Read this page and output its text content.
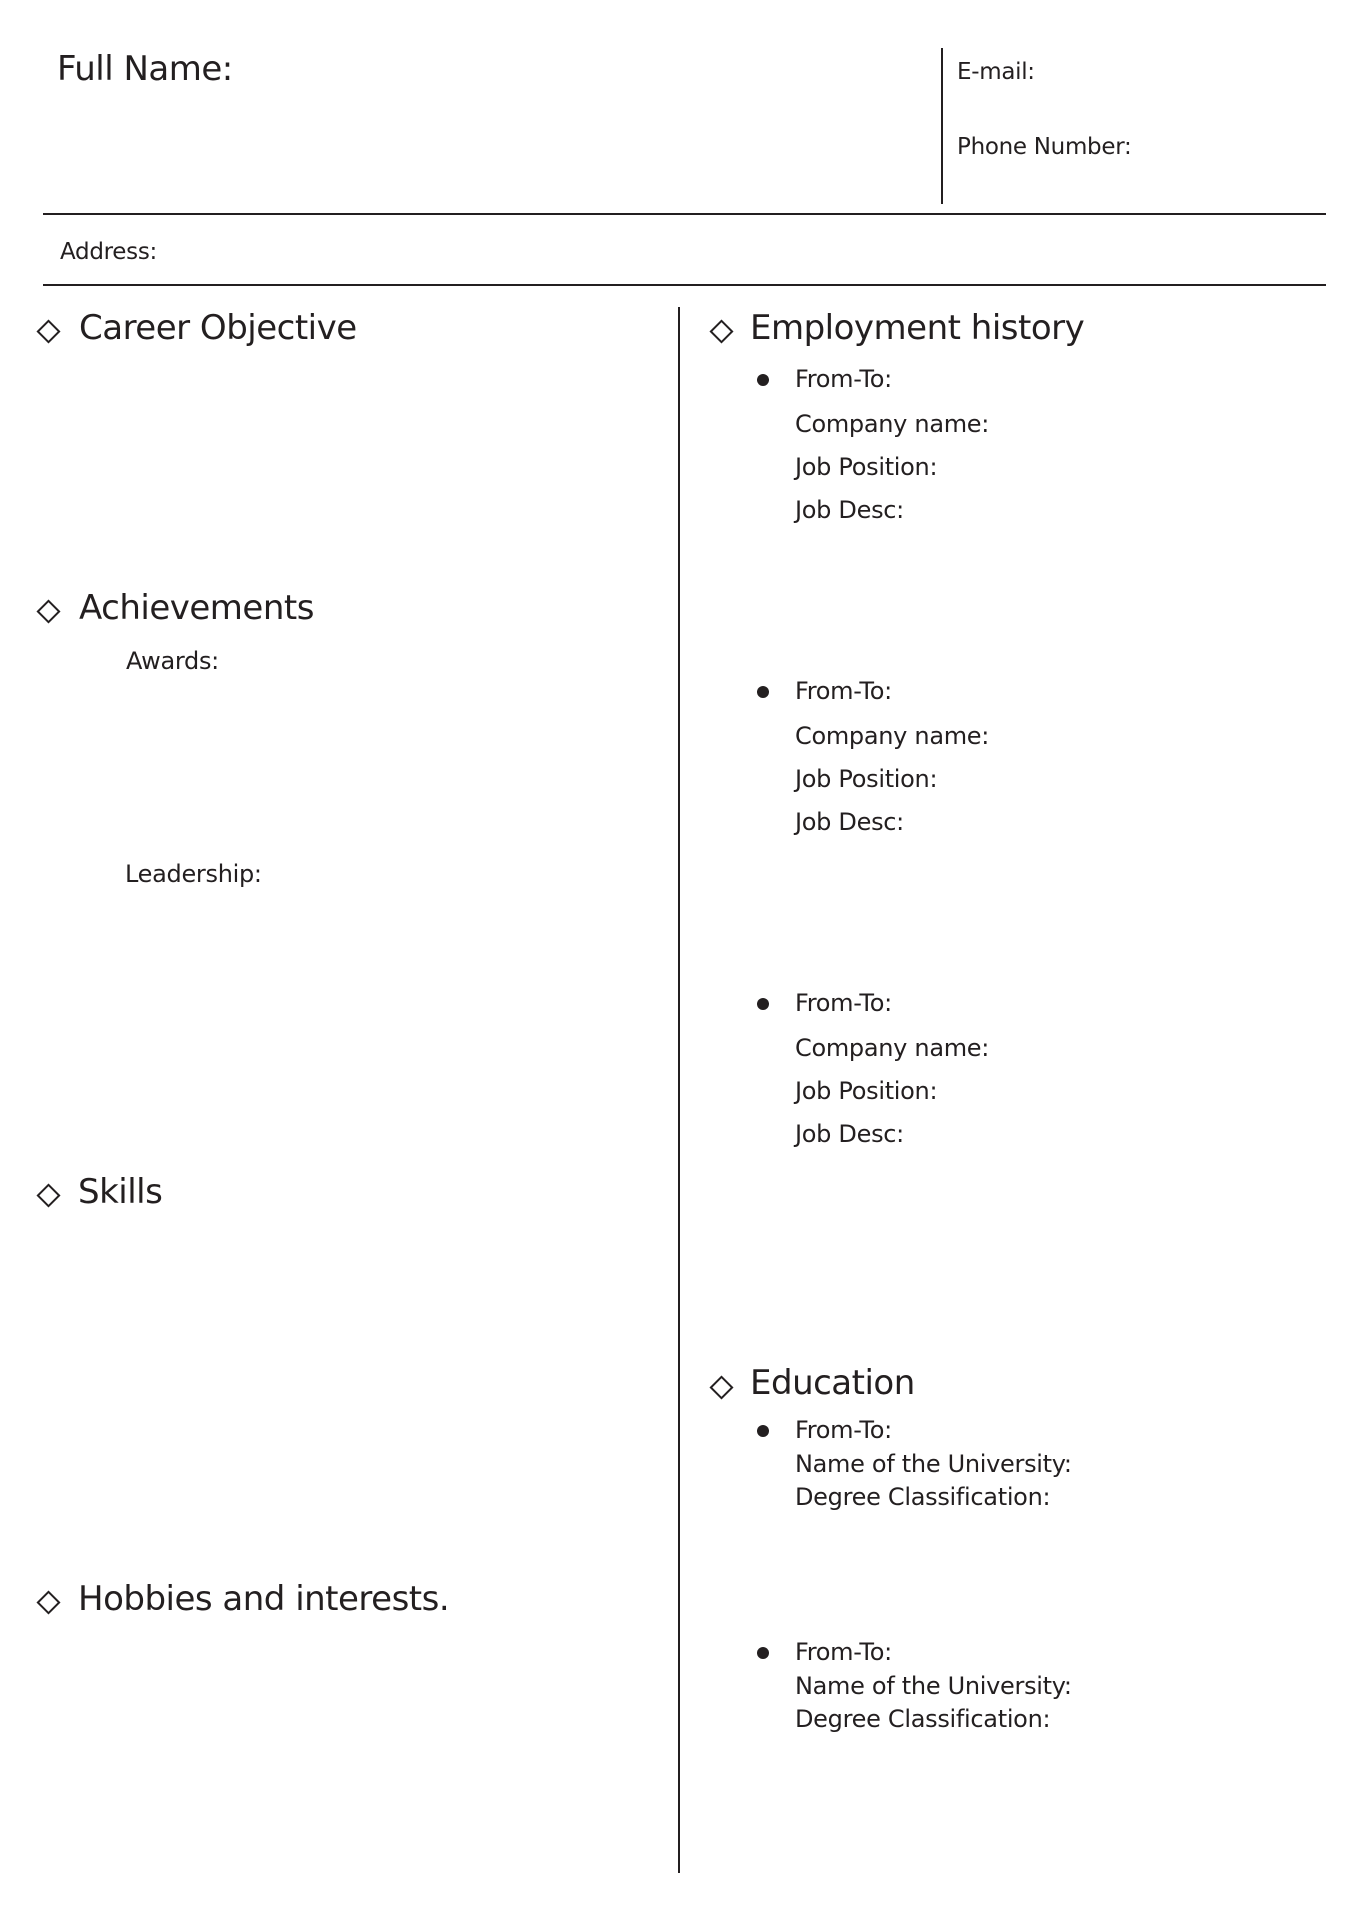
Full Name:	E-mail:
Phone Number:
Address:
Career Objective
Achievements
Awards:
Leadership:
Skills
Hobbies and interests.
Employment history
From-To:
Company name:
Job Position:
Job Desc:
From-To:
Company name:
Job Position:
Job Desc:
From-To:
Company name:
Job Position:
Job Desc:
Education
From-To:
Name of the University:
Degree Classification:
From-To:
Name of the University:
Degree Classification:
